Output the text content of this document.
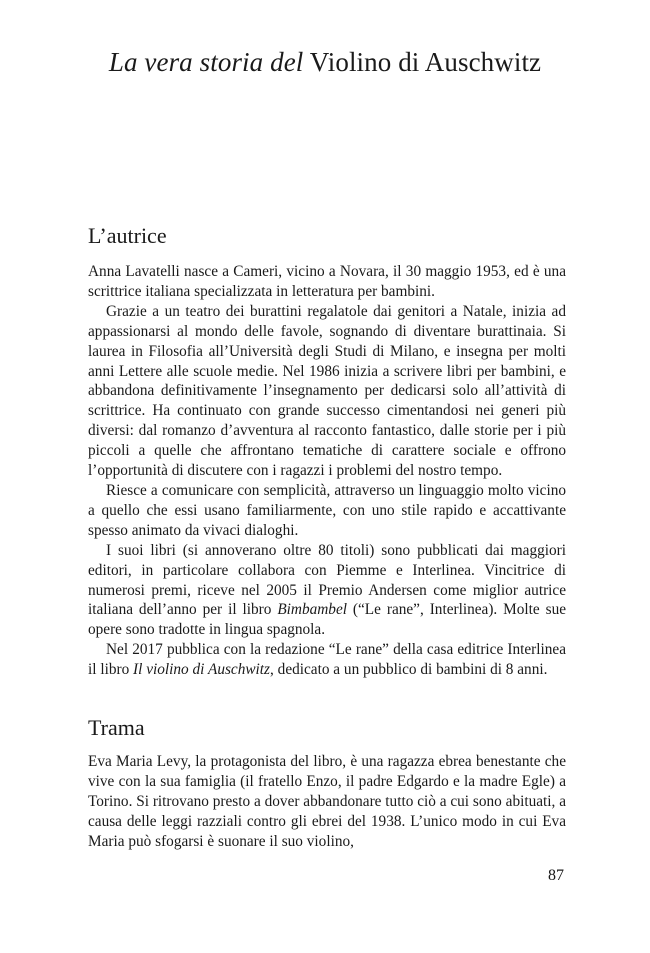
La vera storia del Violino di Auschwitz
L’autrice

Anna Lavatelli nasce a Cameri, vicino a Novara, il 30 maggio 1953, ed è una scrittrice italiana specializzata in letteratura per bambini.

Grazie a un teatro dei burattini regalatole dai genitori a Natale, inizia ad appassionarsi al mondo delle favole, sognando di diventare burattinaia. Si laurea in Filosofia all’Università degli Studi di Milano, e insegna per molti anni Lettere alle scuole medie. Nel 1986 inizia a scrivere libri per bambini, e abbandona definitivamente l’insegnamento per dedicarsi solo all’attività di scrittrice. Ha continuato con grande successo cimentandosi nei generi più diversi: dal romanzo d’avventura al racconto fantastico, dalle storie per i più piccoli a quelle che affrontano tematiche di carattere sociale e offrono l’opportunità di discutere con i ragazzi i problemi del nostro tempo.

Riesce a comunicare con semplicità, attraverso un linguaggio molto vicino a quello che essi usano familiarmente, con uno stile rapido e accattivante spesso animato da vivaci dialoghi.

I suoi libri (si annoverano oltre 80 titoli) sono pubblicati dai maggiori editori, in particolare collabora con Piemme e Interlinea. Vincitrice di numerosi premi, riceve nel 2005 il Premio Andersen come miglior autrice italiana dell’anno per il libro Bimbambel (“Le rane”, Interlinea). Molte sue opere sono tradotte in lingua spagnola.

Nel 2017 pubblica con la redazione “Le rane” della casa editrice Interlinea il libro Il violino di Auschwitz, dedicato a un pubblico di bambini di 8 anni.

Trama

Eva Maria Levy, la protagonista del libro, è una ragazza ebrea benestante che vive con la sua famiglia (il fratello Enzo, il padre Edgardo e la madre Egle) a Torino. Si ritrovano presto a dover abbandonare tutto ciò a cui sono abituati, a causa delle leggi razziali contro gli ebrei del 1938. L’unico modo in cui Eva Maria può sfogarsi è suonare il suo violino,

87
